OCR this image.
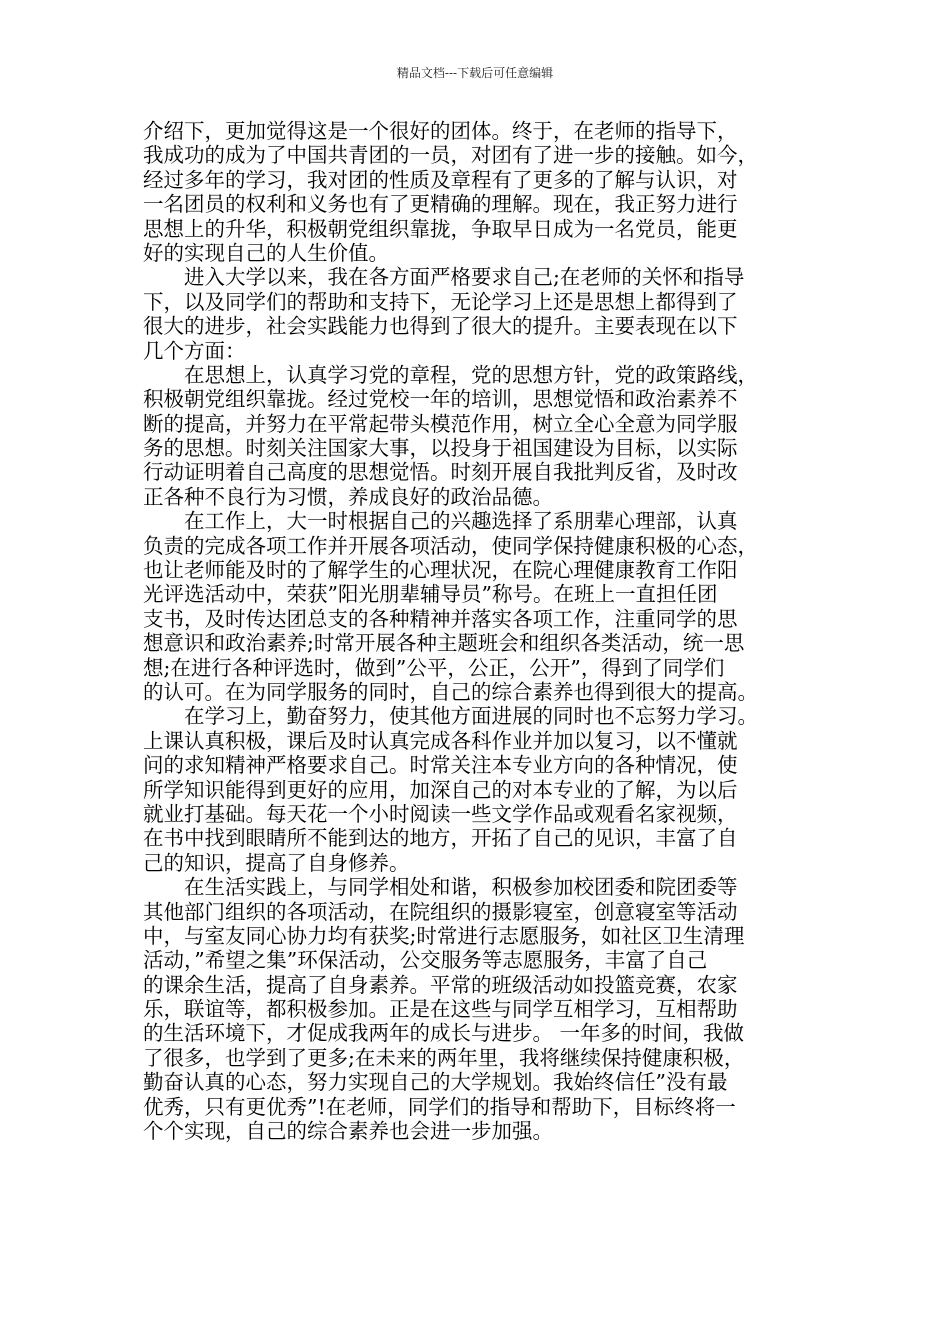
精品文档---下载后可任意编辑
介绍下，更加觉得这是一个很好的团体。终于，在老师的指导下，
我成功的成为了中国共青团的一员，对团有了进一步的接触。如今，
经过多年的学习，我对团的性质及章程有了更多的了解与认识，对
一名团员的权利和义务也有了更精确的理解。现在，我正努力进行
思想上的升华，积极朝党组织靠拢，争取早日成为一名党员，能更
好的实现自己的人生价值。
进入大学以来，我在各方面严格要求自己;在老师的关怀和指导
下，以及同学们的帮助和支持下，无论学习上还是思想上都得到了
很大的进步，社会实践能力也得到了很大的提升。主要表现在以下
几个方面：
在思想上，认真学习党的章程，党的思想方针，党的政策路线，
积极朝党组织靠拢。经过党校一年的培训，思想觉悟和政治素养不
断的提高，并努力在平常起带头模范作用，树立全心全意为同学服
务的思想。时刻关注国家大事，以投身于祖国建设为目标，以实际
行动证明着自己高度的思想觉悟。时刻开展自我批判反省，及时改
正各种不良行为习惯，养成良好的政治品德。
在工作上，大一时根据自己的兴趣选择了系朋辈心理部，认真
负责的完成各项工作并开展各项活动，使同学保持健康积极的心态，
也让老师能及时的了解学生的心理状况，在院心理健康教育工作阳
光评选活动中，荣获”阳光朋辈辅导员”称号。在班上一直担任团
支书，及时传达团总支的各种精神并落实各项工作，注重同学的思
想意识和政治素养;时常开展各种主题班会和组织各类活动，统一思
想;在进行各种评选时，做到”公平，公正，公开”，得到了同学们
的认可。在为同学服务的同时，自己的综合素养也得到很大的提高。
在学习上，勤奋努力，使其他方面进展的同时也不忘努力学习。
上课认真积极，课后及时认真完成各科作业并加以复习，以不懂就
问的求知精神严格要求自己。时常关注本专业方向的各种情况，使
所学知识能得到更好的应用，加深自己的对本专业的了解，为以后
就业打基础。每天花一个小时阅读一些文学作品或观看名家视频，
在书中找到眼睛所不能到达的地方，开拓了自己的见识，丰富了自
己的知识，提高了自身修养。
在生活实践上，与同学相处和谐，积极参加校团委和院团委等
其他部门组织的各项活动，在院组织的摄影寝室，创意寝室等活动
中，与室友同心协力均有获奖;时常进行志愿服务，如社区卫生清理
活动，”希望之集”环保活动，公交服务等志愿服务，丰富了自己
的课余生活，提高了自身素养。平常的班级活动如投篮竞赛，农家
乐，联谊等，都积极参加。正是在这些与同学互相学习，互相帮助
的生活环境下，才促成我两年的成长与进步。 一年多的时间，我做
了很多，也学到了更多;在未来的两年里，我将继续保持健康积极，
勤奋认真的心态，努力实现自己的大学规划。我始终信任”没有最
优秀，只有更优秀”!在老师，同学们的指导和帮助下，目标终将一
个个实现，自己的综合素养也会进一步加强。
